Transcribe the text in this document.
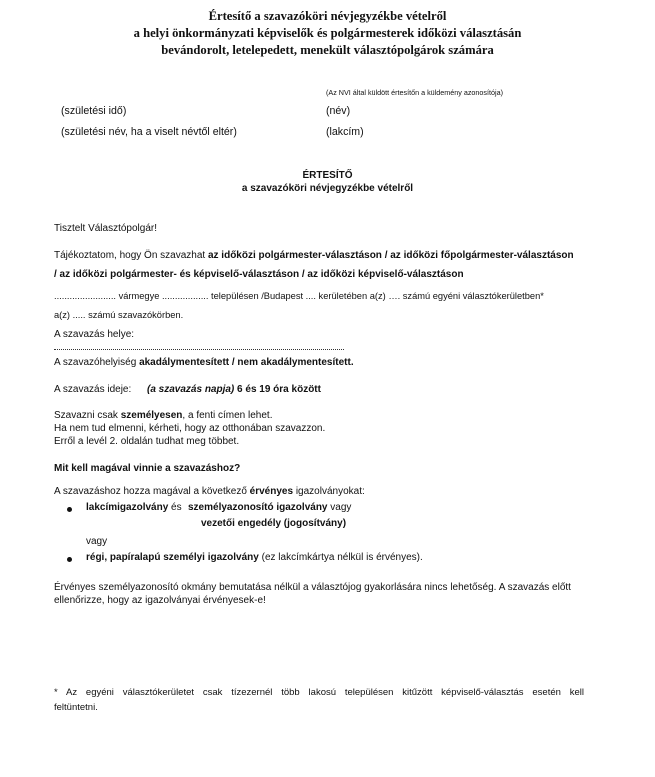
Értesítő a szavazóköri névjegyzékbe vételről
a helyi önkormányzati képviselők és polgármesterek időközi választásán
bevándorolt, letelepedett, menekült választópolgárok számára
(Az NVI által küldött értesítőn a küldemény azonosítója)
(születési idő)	(név)
(születési név, ha a viselt névtől eltér)	(lakcím)
ÉRTESÍTŐ
a szavazóköri névjegyzékbe vételről
Tisztelt Választópolgár!
Tájékoztatom, hogy Ön szavazhat az időközi polgármester-választáson / az időközi főpolgármester-választáson
/ az időközi polgármester- és képviselő-választáson / az időközi képviselő-választáson
........................ vármegye .................. településen /Budapest .... kerületében a(z) …. számú egyéni választókerületben*
a(z) ..... számú szavazókörben.
A szavazás helye:
A szavazóhelyiség akadálymentesített / nem akadálymentesített.
A szavazás ideje: (a szavazás napja) 6 és 19 óra között
Szavazni csak személyesen, a fenti címen lehet.
Ha nem tud elmenni, kérheti, hogy az otthonában szavazzon.
Erről a levél 2. oldalán tudhat meg többet.
Mit kell magával vinnie a szavazáshoz?
A szavazáshoz hozza magával a következő érvényes igazolványokat:
lakcímigazolvány és személyazonosító igazolvány vagy
vezetői engedély (jogosítvány)
vagy
régi, papíralapú személyi igazolvány (ez lakcímkártya nélkül is érvényes).
Érvényes személyazonosító okmány bemutatása nélkül a választójog gyakorlására nincs lehetőség. A szavazás előtt
ellenőrizze, hogy az igazolványai érvényesek-e!
* Az egyéni választókerületet csak tízezernél több lakosú településen kitűzött képviselő-választás esetén kell
feltüntetni.
